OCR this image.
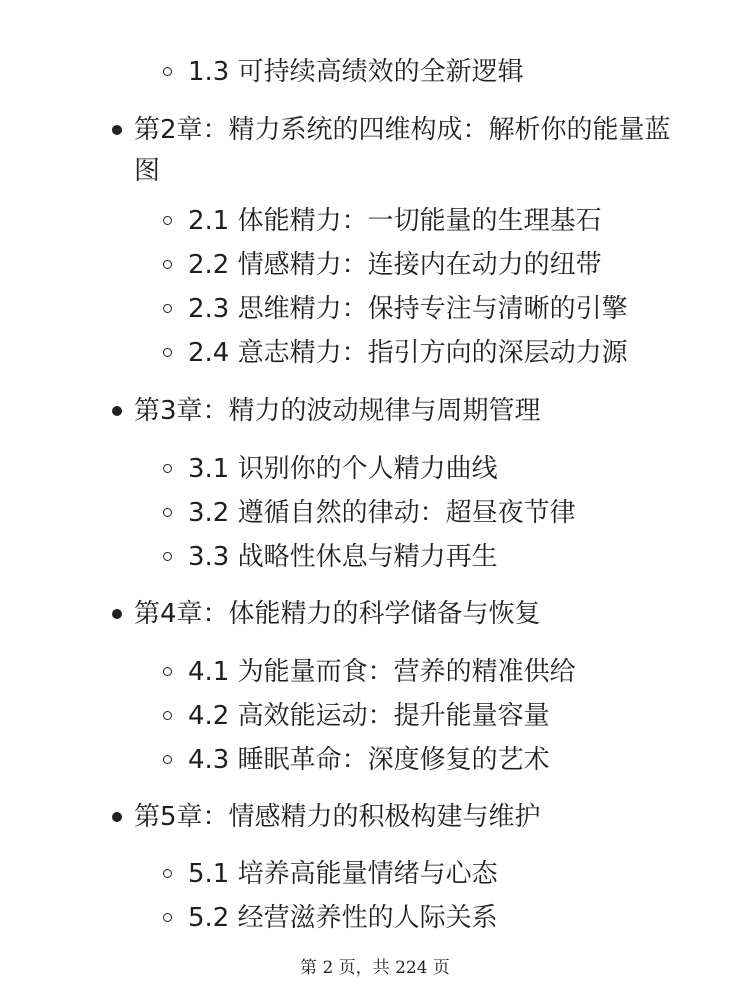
1.3 可持续高绩效的全新逻辑
第2章：精力系统的四维构成：解析你的能量蓝图
2.1 体能精力：一切能量的生理基石
2.2 情感精力：连接内在动力的纽带
2.3 思维精力：保持专注与清晰的引擎
2.4 意志精力：指引方向的深层动力源
第3章：精力的波动规律与周期管理
3.1 识别你的个人精力曲线
3.2 遵循自然的律动：超昼夜节律
3.3 战略性休息与精力再生
第4章：体能精力的科学储备与恢复
4.1 为能量而食：营养的精准供给
4.2 高效能运动：提升能量容量
4.3 睡眠革命：深度修复的艺术
第5章：情感精力的积极构建与维护
5.1 培养高能量情绪与心态
5.2 经营滋养性的人际关系
第 2 页，共 224 页
